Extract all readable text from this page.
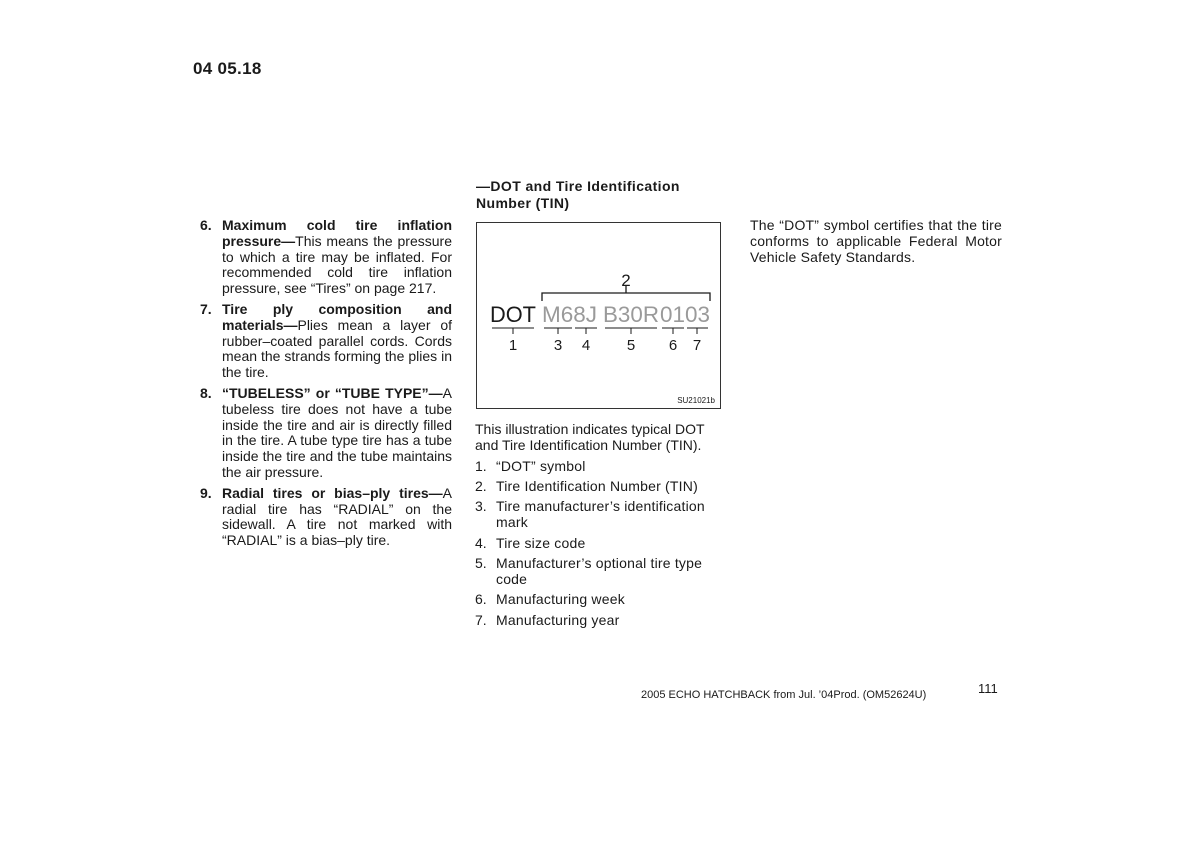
04 05.18
6. Maximum cold tire inflation pressure—This means the pressure to which a tire may be inflated. For recommended cold tire inflation pressure, see “Tires” on page 217.
7. Tire ply composition and materials—Plies mean a layer of rubber–coated parallel cords. Cords mean the strands forming the plies in the tire.
8. “TUBELESS” or “TUBE TYPE”—A tubeless tire does not have a tube inside the tire and air is directly filled in the tire. A tube type tire has a tube inside the tire and the tube maintains the air pressure.
9. Radial tires or bias–ply tires—A radial tire has “RADIAL” on the sidewall. A tire not marked with “RADIAL” is a bias–ply tire.
—DOT and Tire Identification Number (TIN)
2
DOT M68J B30R 0103
1 3 4 5 6 7
SU21021b
This illustration indicates typical DOT and Tire Identification Number (TIN).
1. “DOT” symbol
2. Tire Identification Number (TIN)
3. Tire manufacturer’s identification mark
4. Tire size code
5. Manufacturer’s optional tire type code
6. Manufacturing week
7. Manufacturing year
The “DOT” symbol certifies that the tire conforms to applicable Federal Motor Vehicle Safety Standards.
2005 ECHO HATCHBACK from Jul. ’04Prod. (OM52624U)	111
